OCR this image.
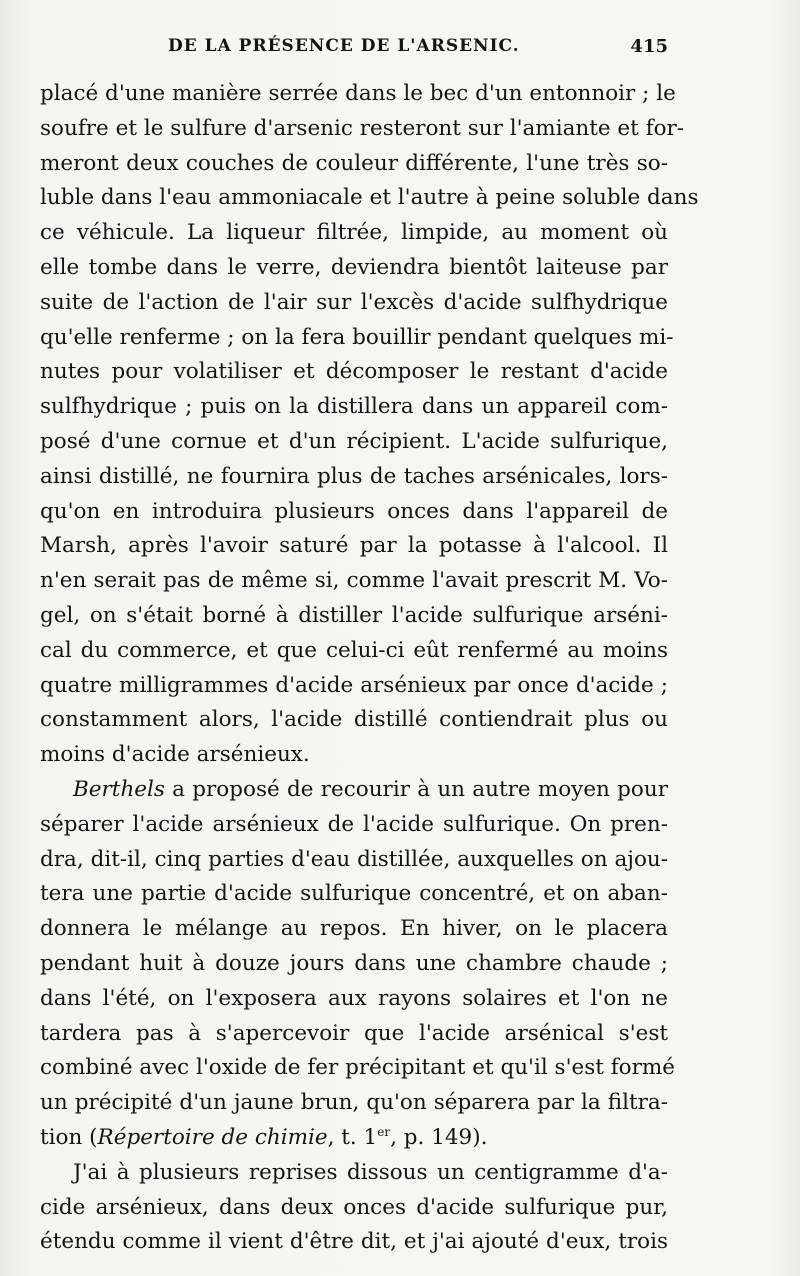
DE LA PRÉSENCE DE L'ARSENIC.	415
placé d'une manière serrée dans le bec d'un entonnoir ; le
soufre et le sulfure d'arsenic resteront sur l'amiante et for-
meront deux couches de couleur différente, l'une très so-
luble dans l'eau ammoniacale et l'autre à peine soluble dans
ce véhicule. La liqueur filtrée, limpide, au moment où
elle tombe dans le verre, deviendra bientôt laiteuse par
suite de l'action de l'air sur l'excès d'acide sulfhydrique
qu'elle renferme ; on la fera bouillir pendant quelques mi-
nutes pour volatiliser et décomposer le restant d'acide
sulfhydrique ; puis on la distillera dans un appareil com-
posé d'une cornue et d'un récipient. L'acide sulfurique,
ainsi distillé, ne fournira plus de taches arsénicales, lors-
qu'on en introduira plusieurs onces dans l'appareil de
Marsh, après l'avoir saturé par la potasse à l'alcool. Il
n'en serait pas de même si, comme l'avait prescrit M. Vo-
gel, on s'était borné à distiller l'acide sulfurique arséni-
cal du commerce, et que celui-ci eût renfermé au moins
quatre milligrammes d'acide arsénieux par once d'acide ;
constamment alors, l'acide distillé contiendrait plus ou
moins d'acide arsénieux.
Berthels a proposé de recourir à un autre moyen pour
séparer l'acide arsénieux de l'acide sulfurique. On pren-
dra, dit-il, cinq parties d'eau distillée, auxquelles on ajou-
tera une partie d'acide sulfurique concentré, et on aban-
donnera le mélange au repos. En hiver, on le placera
pendant huit à douze jours dans une chambre chaude ;
dans l'été, on l'exposera aux rayons solaires et l'on ne
tardera pas à s'apercevoir que l'acide arsénical s'est
combiné avec l'oxide de fer précipitant et qu'il s'est formé
un précipité d'un jaune brun, qu'on séparera par la filtra-
tion (Répertoire de chimie, t. 1er, p. 149).
J'ai à plusieurs reprises dissous un centigramme d'a-
cide arsénieux, dans deux onces d'acide sulfurique pur,
étendu comme il vient d'être dit, et j'ai ajouté d'eux, trois
